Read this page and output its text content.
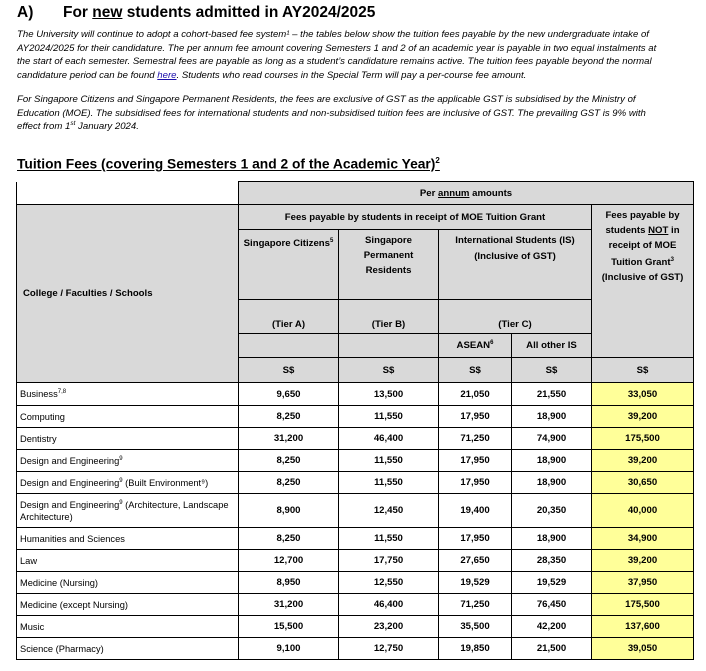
A) For new students admitted in AY2024/2025

The University will continue to adopt a cohort-based fee system¹ – the tables below show the tuition fees payable by the new undergraduate intake of AY2024/2025 for their candidature. The per annum fee amount covering Semesters 1 and 2 of an academic year is payable in two equal instalments at the start of each semester. Semestral fees are payable as long as a student’s candidature remains active. The tuition fees payable beyond the normal candidature period can be found here. Students who read courses in the Special Term will pay a per-course fee amount.

For Singapore Citizens and Singapore Permanent Residents, the fees are exclusive of GST as the applicable GST is subsidised by the Ministry of Education (MOE). The subsidised fees for international students and non-subsidised tuition fees are inclusive of GST. The prevailing GST is 9% with effect from 1st January 2024.

Tuition Fees (covering Semesters 1 and 2 of the Academic Year)$^2$
	Per annum amounts				
College / Faculties / Schools	Fees payable by students in receipt of MOE Tuition Grant				Fees payable by students NOT in receipt of MOE Tuition Grant$^3$
(Inclusive of GST)
	Singapore Citizens$^5$	Singapore Permanent Residents	International Students (IS) (Inclusive of GST)		
	(Tier A)	(Tier B)	(Tier C)		
			ASEAN$^6$	All other IS	
	S$	S$	S$	S$	S$
Business$^{7,8}$	9,650	13,500	21,050	21,550	33,050
Computing	8,250	11,550	17,950	18,900	39,200
Dentistry	31,200	46,400	71,250	74,900	175,500
Design and Engineering$^9$	8,250	11,550	17,950	18,900	39,200
Design and Engineering$^9$ (Built Environment⁹)	8,250	11,550	17,950	18,900	30,650
Design and Engineering$^9$ (Architecture, Landscape Architecture)	8,900	12,450	19,400	20,350	40,000
Humanities and Sciences	8,250	11,550	17,950	18,900	34,900
Law	12,700	17,750	27,650	28,350	39,200
Medicine (Nursing)	8,950	12,550	19,529	19,529	37,950
Medicine (except Nursing)	31,200	46,400	71,250	76,450	175,500
Music	15,500	23,200	35,500	42,200	137,600
Science (Pharmacy)	9,100	12,750	19,850	21,500	39,050
